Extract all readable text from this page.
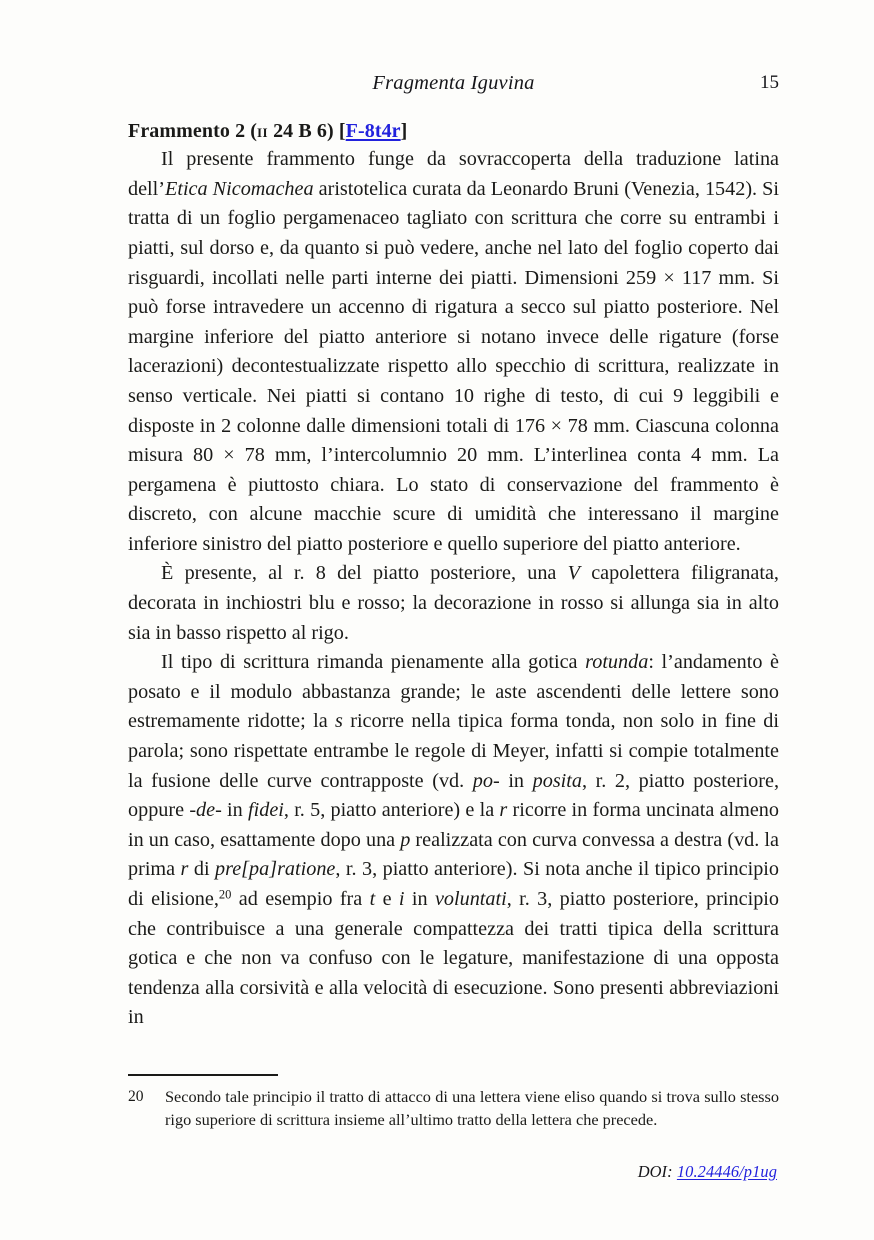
Fragmenta Iguvina	15
Frammento 2 (ii 24 B 6) [F-8t4r]

Il presente frammento funge da sovraccoperta della traduzione latina dell’Etica Nicomachea aristotelica curata da Leonardo Bruni (Venezia, 1542). Si tratta di un foglio pergamenaceo tagliato con scrittura che corre su entrambi i piatti, sul dorso e, da quanto si può vedere, anche nel lato del foglio coperto dai risguardi, incollati nelle parti interne dei piatti. Dimensioni 259 × 117 mm. Si può forse intravedere un accenno di rigatura a secco sul piatto posteriore. Nel margine inferiore del piatto anteriore si notano invece delle rigature (forse lacerazioni) decontestualizzate rispetto allo specchio di scrittura, realizzate in senso verticale. Nei piatti si contano 10 righe di testo, di cui 9 leggibili e disposte in 2 colonne dalle dimensioni totali di 176 × 78 mm. Ciascuna colonna misura 80 × 78 mm, l’intercolumnio 20 mm. L’interlinea conta 4 mm. La pergamena è piuttosto chiara. Lo stato di conservazione del frammento è discreto, con alcune macchie scure di umidità che interessano il margine inferiore sinistro del piatto posteriore e quello superiore del piatto anteriore.

È presente, al r. 8 del piatto posteriore, una V capolettera filigranata, decorata in inchiostri blu e rosso; la decorazione in rosso si allunga sia in alto sia in basso rispetto al rigo.

Il tipo di scrittura rimanda pienamente alla gotica rotunda: l’andamento è posato e il modulo abbastanza grande; le aste ascendenti delle lettere sono estremamente ridotte; la s ricorre nella tipica forma tonda, non solo in fine di parola; sono rispettate entrambe le regole di Meyer, infatti si compie totalmente la fusione delle curve contrapposte (vd. po- in posita, r. 2, piatto posteriore, oppure -de- in fidei, r. 5, piatto anteriore) e la r ricorre in forma uncinata almeno in un caso, esattamente dopo una p realizzata con curva convessa a destra (vd. la prima r di pre[pa]ratione, r. 3, piatto anteriore). Si nota anche il tipico principio di elisione,$^{20}$ ad esempio fra t e i in voluntati, r. 3, piatto posteriore, principio che contribuisce a una generale compattezza dei tratti tipica della scrittura gotica e che non va confuso con le legature, manifestazione di una opposta tendenza alla corsività e alla velocità di esecuzione. Sono presenti abbreviazioni in

20 Secondo tale principio il tratto di attacco di una lettera viene eliso quando si trova sullo stesso rigo superiore di scrittura insieme all’ultimo tratto della lettera che precede.

DOI: 10.24446/p1ug
